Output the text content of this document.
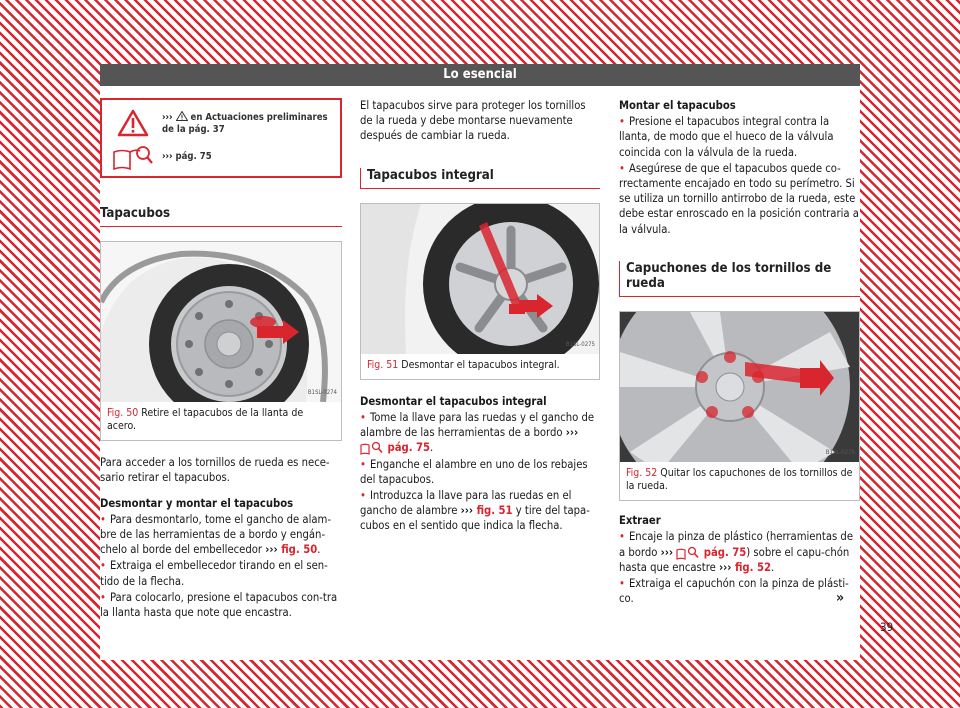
Lo esencial
›››  en Actuaciones preliminares de la pág. 37
››› pág. 75
Tapacubos
B1SL-0274
Fig. 50 Retire el tapacubos de la llanta de acero.

Para acceder a los tornillos de rueda es nece-sario retirar el tapacubos.

Desmontar y montar el tapacubos

• Para desmontarlo, tome el gancho de alam-bre de las herramientas de a bordo y engán-chelo al borde del embellecedor ››› fig. 50.

• Extraiga el embellecedor tirando en el sen-tido de la flecha.

• Para colocarlo, presione el tapacubos con-tra la llanta hasta que note que encastra.

El tapacubos sirve para proteger los tornillos de la rueda y debe montarse nuevamente después de cambiar la rueda.

Tapacubos integral
B1SL-0275
Fig. 51 Desmontar el tapacubos integral.

Desmontar el tapacubos integral

• Tome la llave para las ruedas y el gancho de alambre de las herramientas de a bordo ›››  pág. 75.

• Enganche el alambre en uno de los rebajes del tapacubos.

• Introduzca la llave para las ruedas en el gancho de alambre ››› fig. 51 y tire del tapa-cubos en el sentido que indica la flecha.

Montar el tapacubos

• Presione el tapacubos integral contra la llanta, de modo que el hueco de la válvula coincida con la válvula de la rueda.

• Asegúrese de que el tapacubos quede co-rrectamente encajado en todo su perímetro. Si se utiliza un tornillo antirrobo de la rueda, este debe estar enroscado en la posición contraria a la válvula.

Capuchones de los tornillos de rueda
B1SL-0276
Fig. 52 Quitar los capuchones de los tornillos de la rueda.

Extraer

• Encaje la pinza de plástico (herramientas de a bordo ›››  pág. 75) sobre el capu-chón hasta que encastre ››› fig. 52.

• Extraiga el capuchón con la pinza de plásti-co.	»
39
